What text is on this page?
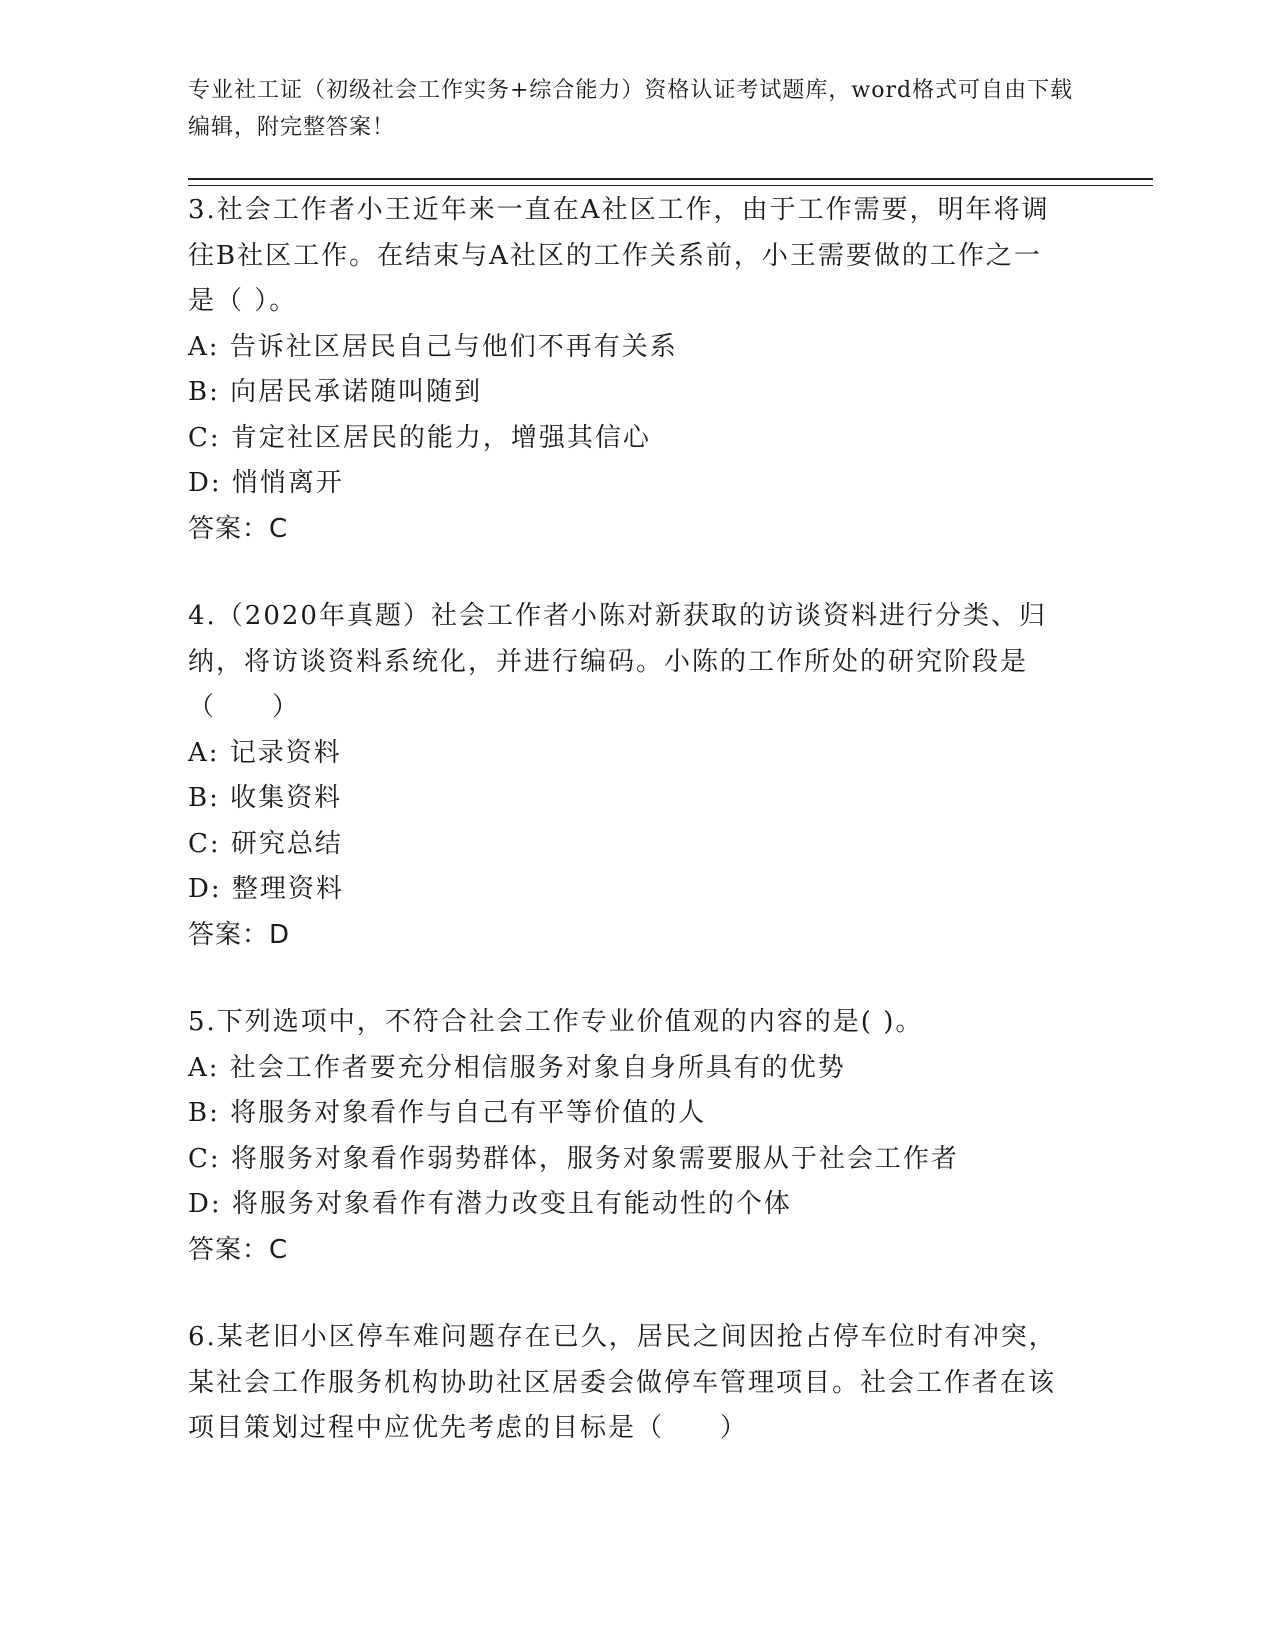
专业社工证（初级社会工作实务+综合能力）资格认证考试题库，word格式可自由下载编辑，附完整答案！
3.社会工作者小王近年来一直在A社区工作，由于工作需要，明年将调往B社区工作。在结束与A社区的工作关系前，小王需要做的工作之一是（ ）。
A: 告诉社区居民自己与他们不再有关系
B: 向居民承诺随叫随到
C: 肯定社区居民的能力，增强其信心
D: 悄悄离开
答案：C
4.（2020年真题）社会工作者小陈对新获取的访谈资料进行分类、归纳，将访谈资料系统化，并进行编码。小陈的工作所处的研究阶段是（　　）
A: 记录资料
B: 收集资料
C: 研究总结
D: 整理资料
答案：D
5.下列选项中，不符合社会工作专业价值观的内容的是( )。
A: 社会工作者要充分相信服务对象自身所具有的优势
B: 将服务对象看作与自己有平等价值的人
C: 将服务对象看作弱势群体，服务对象需要服从于社会工作者
D: 将服务对象看作有潜力改变且有能动性的个体
答案：C
6.某老旧小区停车难问题存在已久，居民之间因抢占停车位时有冲突，某社会工作服务机构协助社区居委会做停车管理项目。社会工作者在该项目策划过程中应优先考虑的目标是（　　）
